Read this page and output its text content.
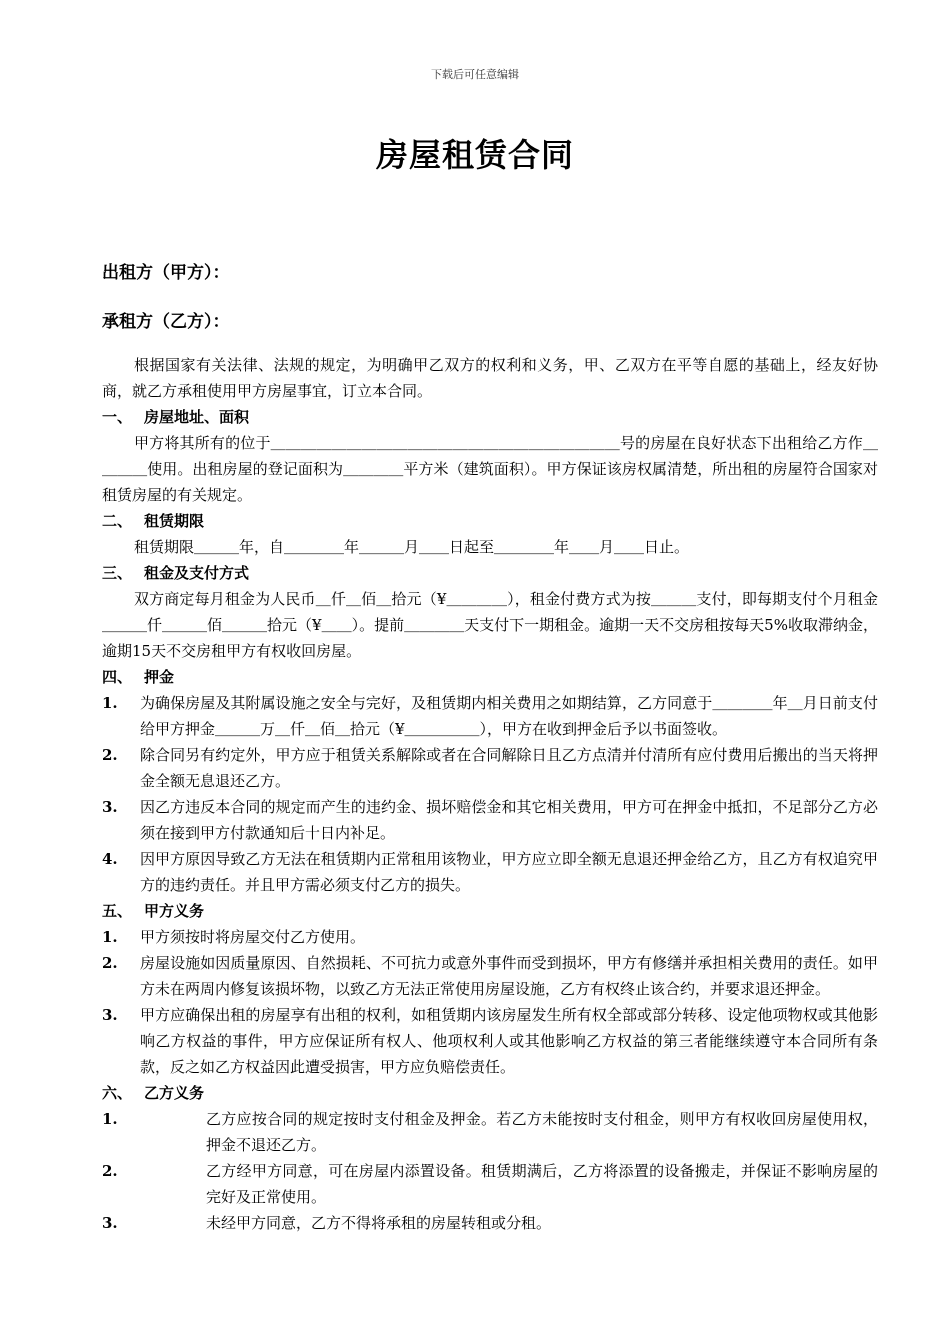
下载后可任意编辑
房屋租赁合同
出租方（甲方）：
承租方（乙方）：

根据国家有关法律、法规的规定，为明确甲乙双方的权利和义务，甲、乙双方在平等自愿的基础上，经友好协商，就乙方承租使用甲方房屋事宜，订立本合同。

一、 房屋地址、面积

甲方将其所有的位于＿＿＿＿＿＿＿＿＿＿＿＿＿＿＿＿＿＿＿＿＿＿＿号的房屋在良好状态下出租给乙方作＿＿＿＿使用。出租房屋的登记面积为＿＿＿＿平方米（建筑面积）。甲方保证该房权属清楚，所出租的房屋符合国家对租赁房屋的有关规定。

二、 租赁期限

租赁期限＿＿＿年，自＿＿＿＿年＿＿＿月＿＿日起至＿＿＿＿年＿＿月＿＿日止。

三、 租金及支付方式

双方商定每月租金为人民币＿仟＿佰＿拾元（¥＿＿＿＿），租金付费方式为按＿＿＿支付，即每期支付个月租金＿＿＿仟＿＿＿佰＿＿＿拾元（¥＿＿）。提前＿＿＿＿天支付下一期租金。逾期一天不交房租按每天5%收取滞纳金，逾期15天不交房租甲方有权收回房屋。

四、 押金

1.	为确保房屋及其附属设施之安全与完好，及租赁期内相关费用之如期结算，乙方同意于＿＿＿＿年＿月日前支付给甲方押金＿＿＿万＿仟＿佰＿拾元（¥＿＿＿＿＿），甲方在收到押金后予以书面签收。
2.	除合同另有约定外，甲方应于租赁关系解除或者在合同解除日且乙方点清并付清所有应付费用后搬出的当天将押金全额无息退还乙方。
3.	因乙方违反本合同的规定而产生的违约金、损坏赔偿金和其它相关费用，甲方可在押金中抵扣，不足部分乙方必须在接到甲方付款通知后十日内补足。
4.	因甲方原因导致乙方无法在租赁期内正常租用该物业，甲方应立即全额无息退还押金给乙方，且乙方有权追究甲方的违约责任。并且甲方需必须支付乙方的损失。

五、 甲方义务

1.	甲方须按时将房屋交付乙方使用。
2.	房屋设施如因质量原因、自然损耗、不可抗力或意外事件而受到损坏，甲方有修缮并承担相关费用的责任。如甲方未在两周内修复该损坏物，以致乙方无法正常使用房屋设施，乙方有权终止该合约，并要求退还押金。
3.	甲方应确保出租的房屋享有出租的权利，如租赁期内该房屋发生所有权全部或部分转移、设定他项物权或其他影响乙方权益的事件，甲方应保证所有权人、他项权利人或其他影响乙方权益的第三者能继续遵守本合同所有条款，反之如乙方权益因此遭受损害，甲方应负赔偿责任。

六、 乙方义务

1.	乙方应按合同的规定按时支付租金及押金。若乙方未能按时支付租金，则甲方有权收回房屋使用权，押金不退还乙方。
2.	乙方经甲方同意，可在房屋内添置设备。租赁期满后，乙方将添置的设备搬走，并保证不影响房屋的完好及正常使用。
3.	未经甲方同意，乙方不得将承租的房屋转租或分租。
